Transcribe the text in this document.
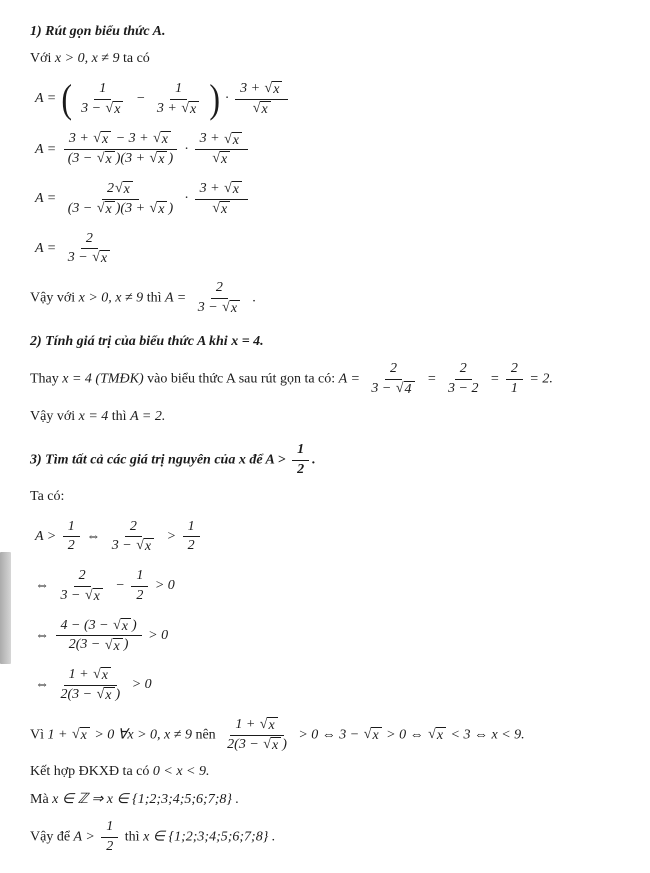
1) Rút gọn biểu thức A.
Với x > 0, x ≠ 9 ta có
A = ( $\frac{1}{3 - √ x} - \frac{1}{3 + √ x}$ ) · $\frac{3 + √ x}{√ x}$
$A = \frac{3 + √ x - 3 + √ x}{(3 - √ x )(3 + √ x )} \cdot \frac{3 + √ x}{√ x}$
$A = \frac{2 √ x}{(3 - √ x )(3 + √ x )} \cdot \frac{3 + √ x}{√ x}$
$A = \frac{2}{3 - √ x}$
Vậy với x > 0, x ≠ 9 thì $A = \frac{2}{3 - √ x}$ .
2) Tính giá trị của biểu thức A khi x = 4.
Thay x = 4 (TMĐK) vào biểu thức A sau rút gọn ta có: $A = \frac{2}{3 - √ 4} = \frac{2}{3 - 2} = \frac{2}{1} = 2$.
Vậy với x = 4 thì A = 2.
3) Tìm tất cả các giá trị nguyên của x để $A > \frac{1}{2}$ .
Ta có:
$A > \frac{1}{2}$ ⇔ $\frac{2}{3 - √ x} > \frac{1}{2}$
⇔ $\frac{2}{3 - √ x} - \frac{1}{2} > 0$
⇔ $\frac{4 - (3 - √ x )}{2(3 - √ x )} > 0$
⇔ $\frac{1 + √ x}{2(3 - √ x )} > 0$
Vì 1 + √ x > 0 ∀x > 0, x ≠ 9 nên $\frac{1 + √ x}{2(3 - √ x )} > 0$ ⇔ 3 − √ x > 0 ⇔ √ x < 3 ⇔ x < 9.
Kết hợp ĐKXĐ ta có 0 < x < 9.
Mà x ∈ ℤ ⇒ x ∈ {1;2;3;4;5;6;7;8} .
Vậy để $A > \frac{1}{2}$ thì x ∈ {1;2;3;4;5;6;7;8} .
